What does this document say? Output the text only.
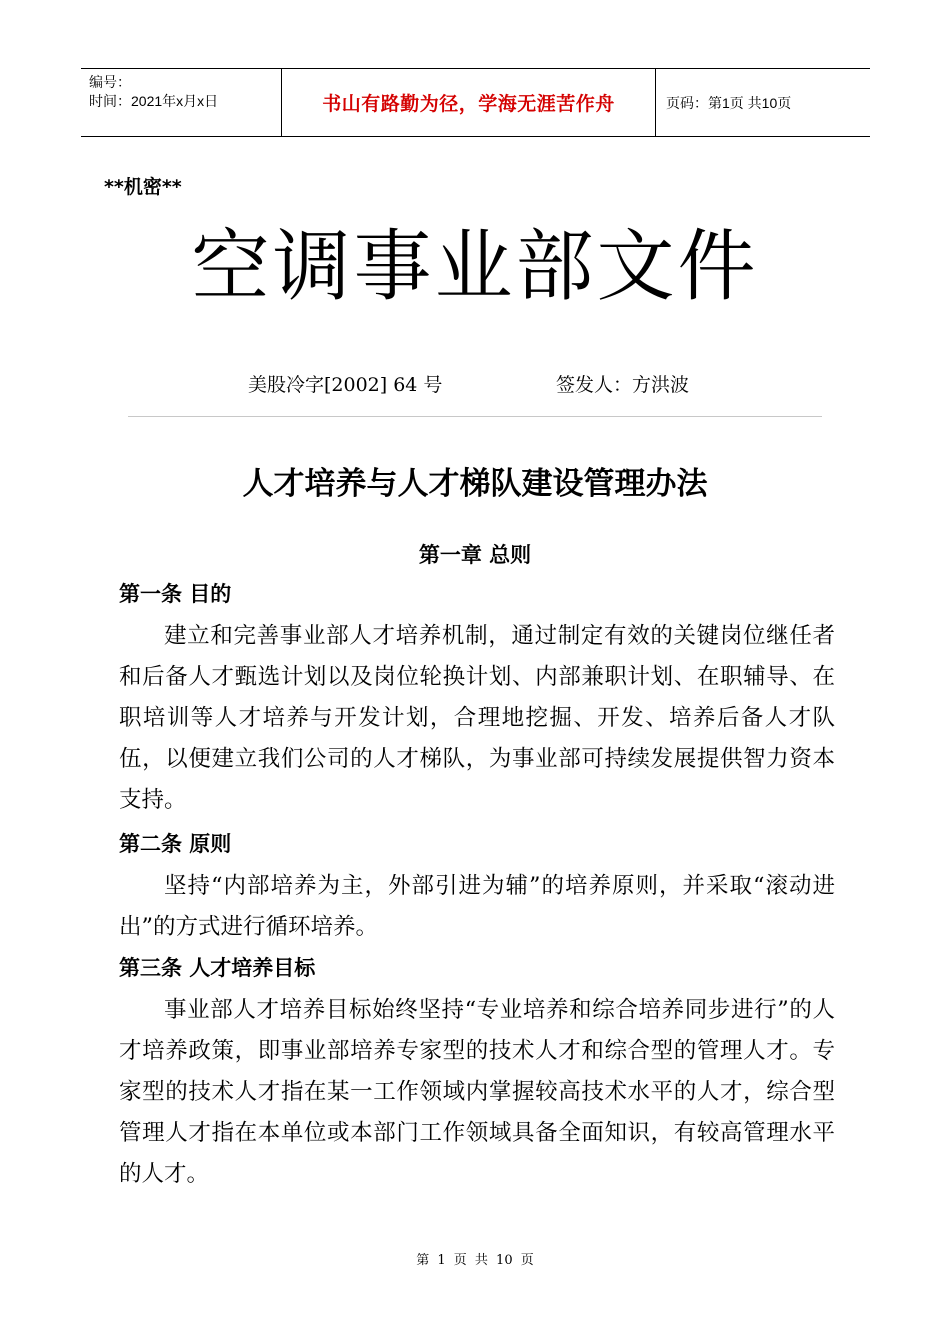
编号：
时间：2021年x月x日	书山有路勤为径，学海无涯苦作舟	页码：第1页 共10页
**机密**
空调事业部文件
美股冷字[2002] 64 号	签发人：方洪波
人才培养与人才梯队建设管理办法
第一章 总则
第一条 目的

建立和完善事业部人才培养机制，通过制定有效的关键岗位继任者和后备人才甄选计划以及岗位轮换计划、内部兼职计划、在职辅导、在职培训等人才培养与开发计划，合理地挖掘、开发、培养后备人才队伍，以便建立我们公司的人才梯队，为事业部可持续发展提供智力资本支持。

第二条 原则

坚持“内部培养为主，外部引进为辅”的培养原则，并采取“滚动进出”的方式进行循环培养。

第三条 人才培养目标

事业部人才培养目标始终坚持“专业培养和综合培养同步进行”的人才培养政策，即事业部培养专家型的技术人才和综合型的管理人才。专家型的技术人才指在某一工作领域内掌握较高技术水平的人才，综合型管理人才指在本单位或本部门工作领域具备全面知识，有较高管理水平的人才。

第 1 页 共 10 页
